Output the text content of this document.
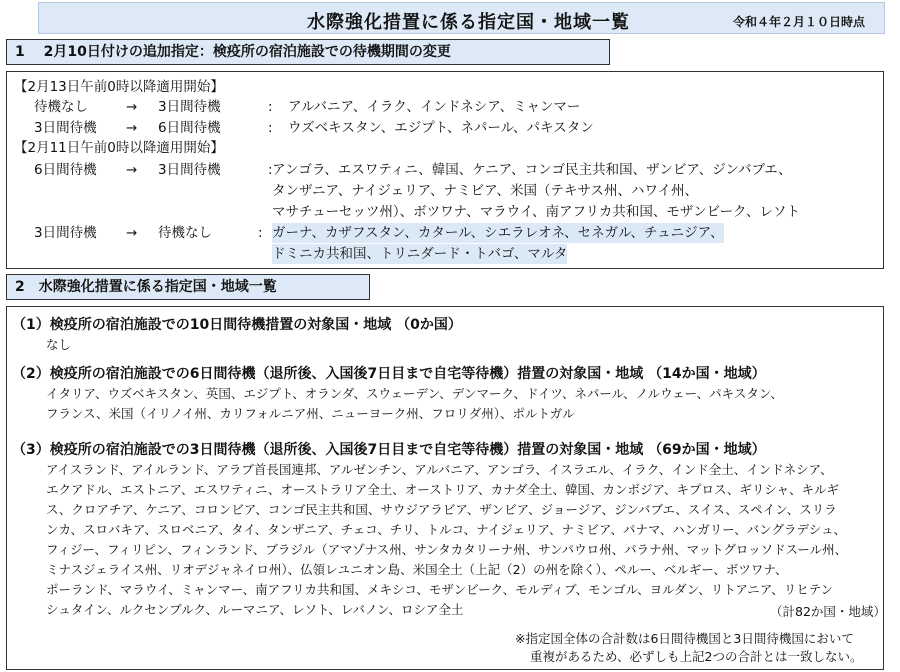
水際強化措置に係る指定国・地域一覧	令和４年２月１０日時点
1　 2月10日付けの追加指定：検疫所の宿泊施設での待機期間の変更
【2月13日午前0時以降適用開始】
待機なし	→ 3日間待機	: アルバニア、イラク、インドネシア、ミャンマー
3日間待機 → 6日間待機	: ウズベキスタン、エジプト、ネパール、パキスタン
【2月11日午前0時以降適用開始】
6日間待機 → 3日間待機	: アンゴラ、エスワティニ、韓国、ケニア、コンゴ民主共和国、ザンビア、ジンバブエ、
タンザニア、ナイジェリア、ナミビア、米国（テキサス州、ハワイ州、
マサチューセッツ州）、ボツワナ、マラウイ、南アフリカ共和国、モザンビーク、レソト
3日間待機 → 待機なし	: ガーナ、カザフスタン、カタール、シエラレオネ、セネガル、チュニジア、
ドミニカ共和国、トリニダード・トバゴ、マルタ
2　水際強化措置に係る指定国・地域一覧
（1）検疫所の宿泊施設での10日間待機措置の対象国・地域 （0か国）
なし
（2）検疫所の宿泊施設での6日間待機（退所後、入国後7日目まで自宅等待機）措置の対象国・地域 （14か国・地域）
イタリア、ウズベキスタン、英国、エジプト、オランダ、スウェーデン、デンマーク、ドイツ、ネパール、ノルウェー、パキスタン、
フランス、米国（イリノイ州、カリフォルニア州、ニューヨーク州、フロリダ州）、ポルトガル
（3）検疫所の宿泊施設での3日間待機（退所後、入国後7日目まで自宅等待機）措置の対象国・地域 （69か国・地域）
アイスランド、アイルランド、アラブ首長国連邦、アルゼンチン、アルバニア、アンゴラ、イスラエル、イラク、インド全土、インドネシア、
エクアドル、エストニア、エスワティニ、オーストラリア全土、オーストリア、カナダ全土、韓国、カンボジア、キプロス、ギリシャ、キルギ
ス、クロアチア、ケニア、コロンビア、コンゴ民主共和国、サウジアラビア、ザンビア、ジョージア、ジンバブエ、スイス、スペイン、スリラ
ンカ、スロバキア、スロベニア、タイ、タンザニア、チェコ、チリ、トルコ、ナイジェリア、ナミビア、パナマ、ハンガリー、バングラデシュ、
フィジー、フィリピン、フィンランド、ブラジル（アマゾナス州、サンタカタリーナ州、サンパウロ州、パラナ州、マットグロッソドスール州、
ミナスジェライス州、リオデジャネイロ州）、仏領レユニオン島、米国全土（上記（2）の州を除く）、ペルー、ベルギー、ボツワナ、
ポーランド、マラウイ、ミャンマー、南アフリカ共和国、メキシコ、モザンビーク、モルディブ、モンゴル、ヨルダン、リトアニア、リヒテン
シュタイン、ルクセンブルク、ルーマニア、レソト、レバノン、ロシア全土	（計82か国・地域）
※指定国全体の合計数は6日間待機国と3日間待機国において
重複があるため、必ずしも上記2つの合計とは一致しない。
